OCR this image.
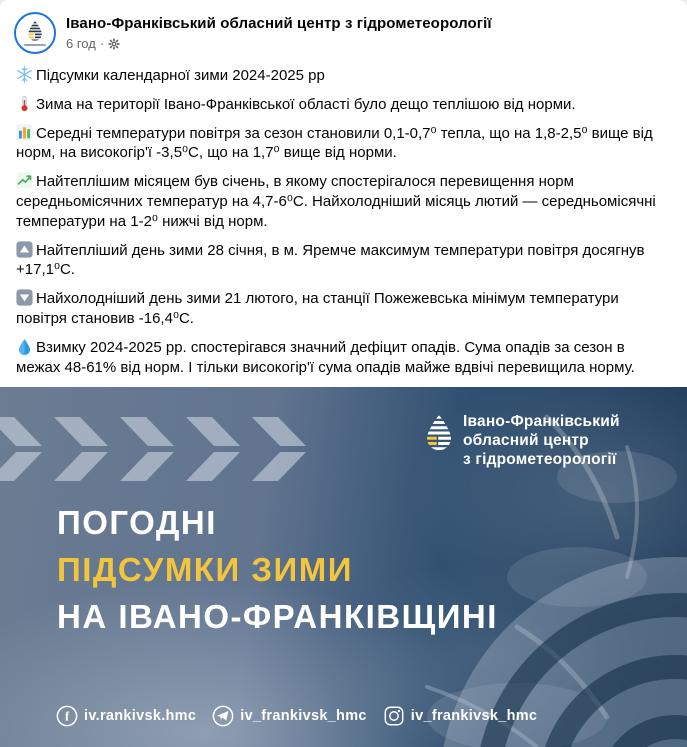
Івано-Франківський обласний центр з гідрометеорології
6 год ·
Підсумки календарної зими 2024-2025 рр
Зима на території Івано-Франківської області було дещо теплішою від норми.
Середні температури повітря за сезон становили 0,1-0,7⁰ тепла, що на 1,8-2,5⁰ вище від норм, на високогір'ї -3,5⁰С, що на 1,7⁰ вище від норми.
Найтеплішим місяцем був січень, в якому спостерігалося перевищення норм середньомісячних температур на 4,7-6⁰С. Найхолодніший місяць лютий — середньомісячні температури на 1-2⁰ нижчі від норм.
Найтепліший день зими 28 січня, в м. Яремче максимум температури повітря досягнув +17,1⁰С.
Найхолодніший день зими 21 лютого, на станції Пожежевська мінімум температури повітря становив -16,4⁰С.
Взимку 2024-2025 рр. спостерігався значний дефіцит опадів. Сума опадів за сезон в межах 48-61% від норм. І тільки високогір'ї сума опадів майже вдвічі перевищила норму.
Івано-Франківський
обласний центр
з гідрометеорології
ПОГОДНІ
ПІДСУМКИ ЗИМИ
НА ІВАНО-ФРАНКІВЩИНІ
f iv.rankivsk.hmc	iv_frankivsk_hmc	iv_frankivsk_hmc
